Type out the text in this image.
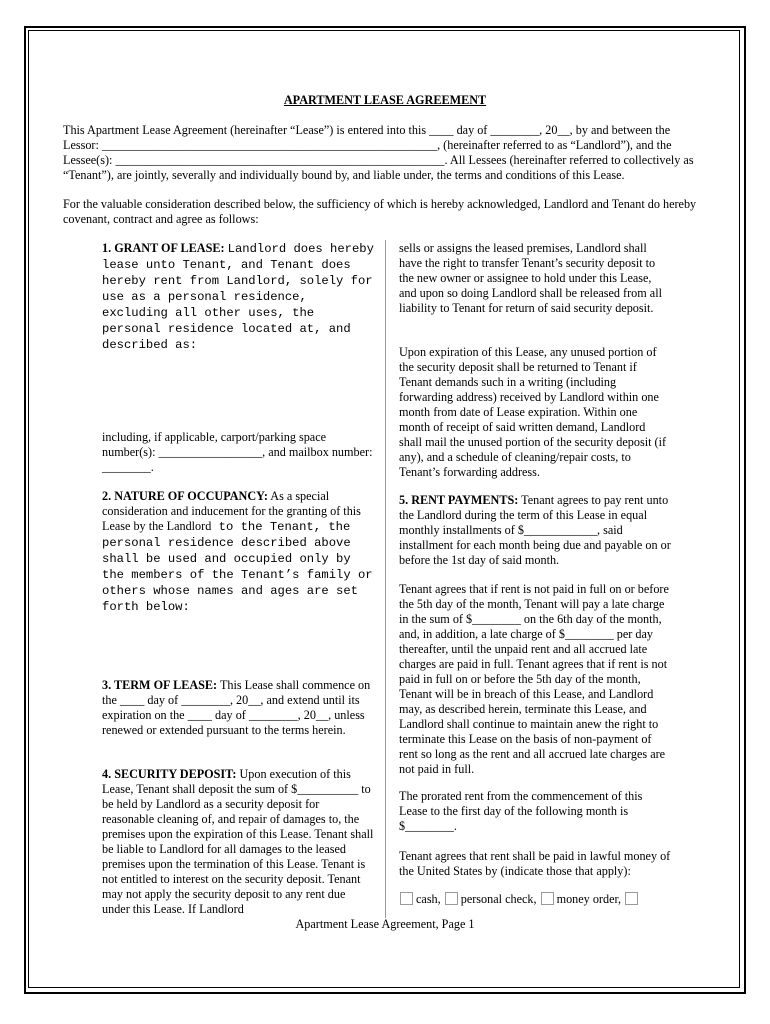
APARTMENT LEASE AGREEMENT

This Apartment Lease Agreement (hereinafter “Lease”) is entered into this ____ day of ________, 20__, by and between the Lessor: _______________________________________________________, (hereinafter referred to as “Landlord”), and the Lessee(s): ______________________________________________________. All Lessees (hereinafter referred to collectively as “Tenant”), are jointly, severally and individually bound by, and liable under, the terms and conditions of this Lease.

For the valuable consideration described below, the sufficiency of which is hereby acknowledged, Landlord and Tenant do hereby covenant, contract and agree as follows:

1. GRANT OF LEASE: Landlord does hereby lease unto Tenant, and Tenant does hereby rent from Landlord, solely for use as a personal residence, excluding all other uses, the personal residence located at, and described as:

including, if applicable, carport/parking space number(s): _________________, and mailbox number: ________.

2. NATURE OF OCCUPANCY: As a special consideration and inducement for the granting of this Lease by the Landlord to the Tenant, the personal residence described above shall be used and occupied only by the members of the Tenant’s family or others whose names and ages are set forth below:

3. TERM OF LEASE: This Lease shall commence on the ____ day of ________, 20__, and extend until its expiration on the ____ day of ________, 20__, unless renewed or extended pursuant to the terms herein.

4. SECURITY DEPOSIT: Upon execution of this Lease, Tenant shall deposit the sum of $__________ to be held by Landlord as a security deposit for reasonable cleaning of, and repair of damages to, the premises upon the expiration of this Lease. Tenant shall be liable to Landlord for all damages to the leased premises upon the termination of this Lease. Tenant is not entitled to interest on the security deposit. Tenant may not apply the security deposit to any rent due under this Lease. If Landlord

sells or assigns the leased premises, Landlord shall have the right to transfer Tenant’s security deposit to the new owner or assignee to hold under this Lease, and upon so doing Landlord shall be released from all liability to Tenant for return of said security deposit.

Upon expiration of this Lease, any unused portion of the security deposit shall be returned to Tenant if Tenant demands such in a writing (including forwarding address) received by Landlord within one month from date of Lease expiration. Within one month of receipt of said written demand, Landlord shall mail the unused portion of the security deposit (if any), and a schedule of cleaning/repair costs, to Tenant’s forwarding address.

5. RENT PAYMENTS: Tenant agrees to pay rent unto the Landlord during the term of this Lease in equal monthly installments of $____________, said installment for each month being due and payable on or before the 1st day of said month.

Tenant agrees that if rent is not paid in full on or before the 5th day of the month, Tenant will pay a late charge in the sum of $________ on the 6th day of the month, and, in addition, a late charge of $________ per day thereafter, until the unpaid rent and all accrued late charges are paid in full. Tenant agrees that if rent is not paid in full on or before the 5th day of the month, Tenant will be in breach of this Lease, and Landlord may, as described herein, terminate this Lease, and Landlord shall continue to maintain anew the right to terminate this Lease on the basis of non-payment of rent so long as the rent and all accrued late charges are not paid in full.

The prorated rent from the commencement of this Lease to the first day of the following month is $________.

Tenant agrees that rent shall be paid in lawful money of the United States by (indicate those that apply):

cash, personal check, money order,
Apartment Lease Agreement, Page 1
